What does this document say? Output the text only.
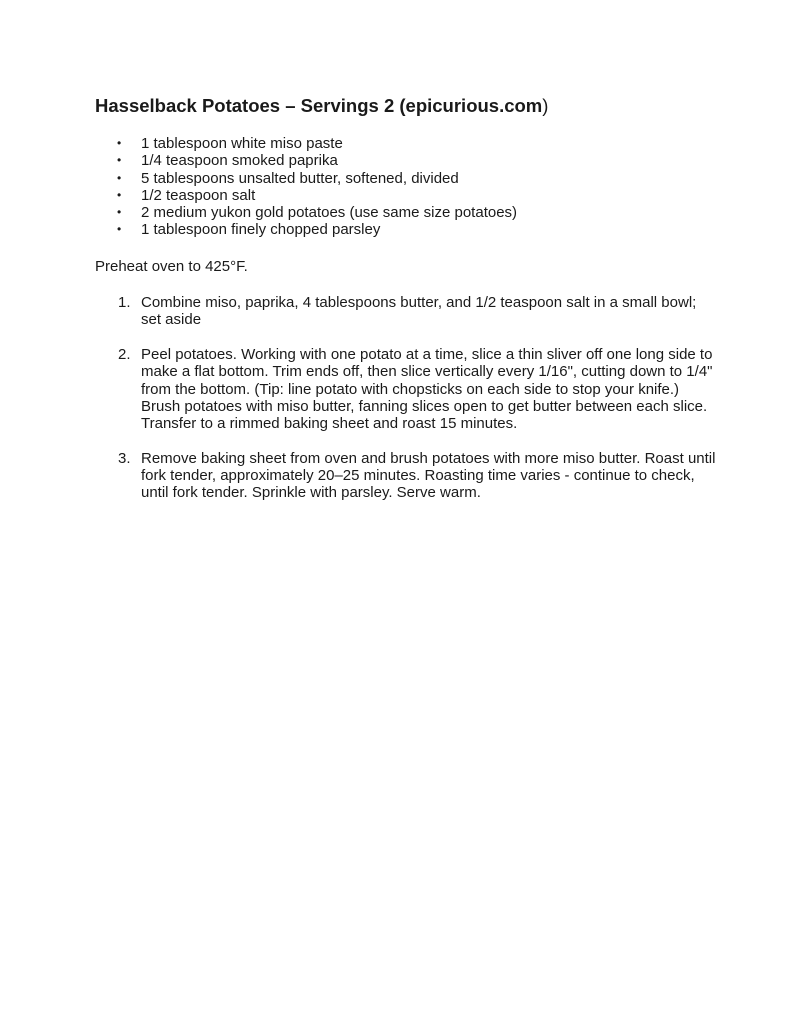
Hasselback Potatoes – Servings 2 (epicurious.com)
• 1 tablespoon white miso paste
• 1/4 teaspoon smoked paprika
• 5 tablespoons unsalted butter, softened, divided
• 1/2 teaspoon salt
• 2 medium yukon gold potatoes (use same size potatoes)
• 1 tablespoon finely chopped parsley

Preheat oven to 425°F.

1. Combine miso, paprika, 4 tablespoons butter, and 1/2 teaspoon salt in a small bowl; set aside
2. Peel potatoes. Working with one potato at a time, slice a thin sliver off one long side to make a flat bottom. Trim ends off, then slice vertically every 1/16", cutting down to 1/4" from the bottom. (Tip: line potato with chopsticks on each side to stop your knife.) Brush potatoes with miso butter, fanning slices open to get butter between each slice. Transfer to a rimmed baking sheet and roast 15 minutes.
3. Remove baking sheet from oven and brush potatoes with more miso butter. Roast until fork tender, approximately 20–25 minutes. Roasting time varies - continue to check, until fork tender. Sprinkle with parsley. Serve warm.
